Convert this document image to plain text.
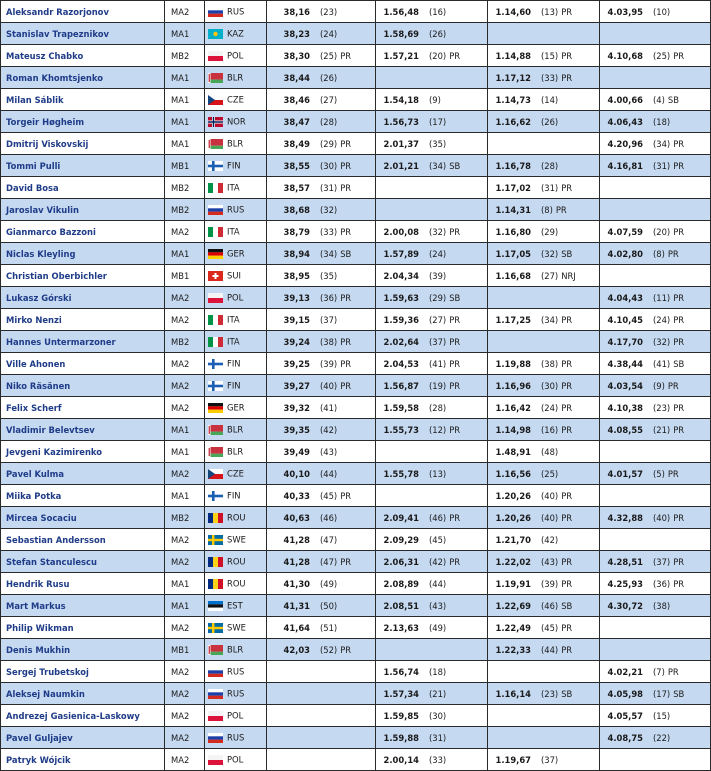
Aleksandr Razorjonov	MA2	RUS	38,16 (23)	1.56,48 (16)	1.14,60 (13) PR	4.03,95 (10)
Stanislav Trapeznikov	MA1	KAZ	38,23 (24)	1.58,69 (26)		
Mateusz Chabko	MB2	POL	38,30 (25) PR	1.57,21 (20) PR	1.14,88 (15) PR	4.10,68 (25) PR
Roman Khomtsjenko	MA1	BLR	38,44 (26)		1.17,12 (33) PR	
Milan Sáblik	MA1	CZE	38,46 (27)	1.54,18 (9)	1.14,73 (14)	4.00,66 (4) SB
Torgeir Høgheim	MA1	NOR	38,47 (28)	1.56,73 (17)	1.16,62 (26)	4.06,43 (18)
Dmitrij Viskovskij	MA1	BLR	38,49 (29) PR	2.01,37 (35)		4.20,96 (34) PR
Tommi Pulli	MB1	FIN	38,55 (30) PR	2.01,21 (34) SB	1.16,78 (28)	4.16,81 (31) PR
David Bosa	MB2	ITA	38,57 (31) PR		1.17,02 (31) PR	
Jaroslav Vikulin	MB2	RUS	38,68 (32)		1.14,31 (8) PR	
Gianmarco Bazzoni	MA2	ITA	38,79 (33) PR	2.00,08 (32) PR	1.16,80 (29)	4.07,59 (20) PR
Niclas Kleyling	MA1	GER	38,94 (34) SB	1.57,89 (24)	1.17,05 (32) SB	4.02,80 (8) PR
Christian Oberbichler	MB1	SUI	38,95 (35)	2.04,34 (39)	1.16,68 (27) NRJ	
Lukasz Górski	MA2	POL	39,13 (36) PR	1.59,63 (29) SB		4.04,43 (11) PR
Mirko Nenzi	MA2	ITA	39,15 (37)	1.59,36 (27) PR	1.17,25 (34) PR	4.10,45 (24) PR
Hannes Untermarzoner	MB2	ITA	39,24 (38) PR	2.02,64 (37) PR		4.17,70 (32) PR
Ville Ahonen	MA2	FIN	39,25 (39) PR	2.04,53 (41) PR	1.19,88 (38) PR	4.38,44 (41) SB
Niko Räsänen	MA2	FIN	39,27 (40) PR	1.56,87 (19) PR	1.16,96 (30) PR	4.03,54 (9) PR
Felix Scherf	MA2	GER	39,32 (41)	1.59,58 (28)	1.16,42 (24) PR	4.10,38 (23) PR
Vladimir Belevtsev	MA1	BLR	39,35 (42)	1.55,73 (12) PR	1.14,98 (16) PR	4.08,55 (21) PR
Jevgeni Kazimirenko	MA1	BLR	39,49 (43)		1.48,91 (48)	
Pavel Kulma	MA2	CZE	40,10 (44)	1.55,78 (13)	1.16,56 (25)	4.01,57 (5) PR
Miika Potka	MA1	FIN	40,33 (45) PR		1.20,26 (40) PR	
Mircea Socaciu	MB2	ROU	40,63 (46)	2.09,41 (46) PR	1.20,26 (40) PR	4.32,88 (40) PR
Sebastian Andersson	MA2	SWE	41,28 (47)	2.09,29 (45)	1.21,70 (42)	
Stefan Stanculescu	MA2	ROU	41,28 (47) PR	2.06,31 (42) PR	1.22,02 (43) PR	4.28,51 (37) PR
Hendrik Rusu	MA1	ROU	41,30 (49)	2.08,89 (44)	1.19,91 (39) PR	4.25,93 (36) PR
Mart Markus	MA1	EST	41,31 (50)	2.08,51 (43)	1.22,69 (46) SB	4.30,72 (38)
Philip Wikman	MA2	SWE	41,64 (51)	2.13,63 (49)	1.22,49 (45) PR	
Denis Mukhin	MB1	BLR	42,03 (52) PR		1.22,33 (44) PR	
Sergej Trubetskoj	MA2	RUS		1.56,74 (18)		4.02,21 (7) PR
Aleksej Naumkin	MA2	RUS		1.57,34 (21)	1.16,14 (23) SB	4.05,98 (17) SB
Andrezej Gasienica-Laskowy	MA2	POL		1.59,85 (30)		4.05,57 (15)
Pavel Guljajev	MA2	RUS		1.59,88 (31)		4.08,75 (22)
Patryk Wójcik	MA2	POL		2.00,14 (33)	1.19,67 (37)	
